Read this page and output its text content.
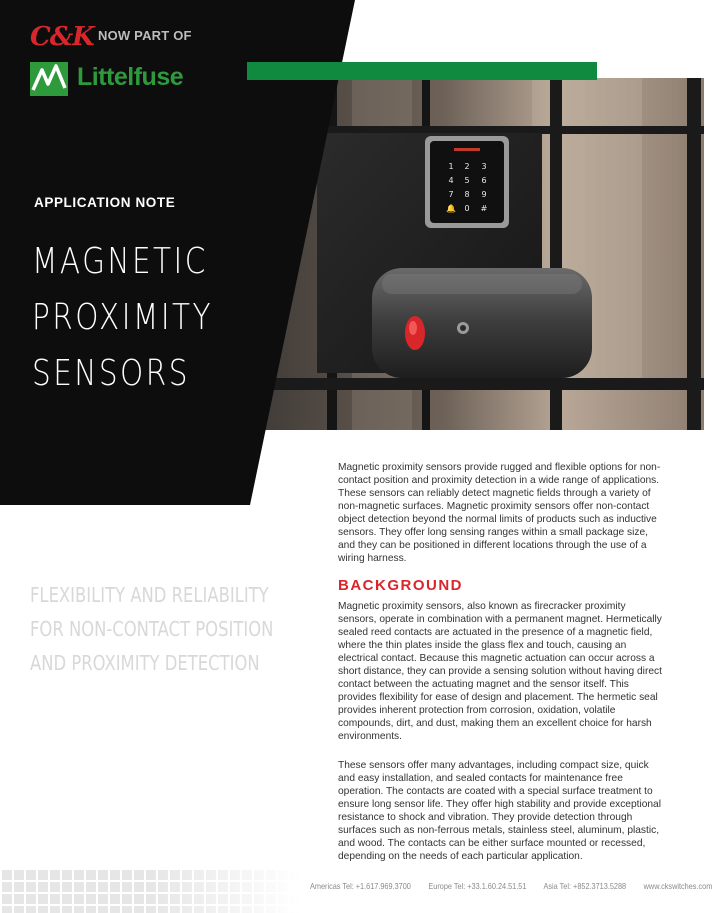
1 2 3
4 5 6
7 8 9
🔔 0 #
C&K NOW PART OF
Littelfuse
APPLICATION NOTE
MAGNETIC
PROXIMITY
SENSORS
FLEXIBILITY AND RELIABILITY FOR NON-CONTACT POSITION AND PROXIMITY DETECTION
Magnetic proximity sensors provide rugged and flexible options for non-contact position and proximity detection in a wide range of applications. These sensors can reliably detect magnetic fields through a variety of non-magnetic surfaces. Magnetic proximity sensors offer non-contact object detection beyond the normal limits of products such as inductive sensors. They offer long sensing ranges within a small package size, and they can be positioned in different locations through the use of a wiring harness.
BACKGROUND
Magnetic proximity sensors, also known as firecracker proximity sensors, operate in combination with a permanent magnet. Hermetically sealed reed contacts are actuated in the presence of a magnetic field, where the thin plates inside the glass flex and touch, causing an electrical contact. Because this magnetic actuation can occur across a short distance, they can provide a sensing solution without having direct contact between the actuating magnet and the sensor itself. This provides flexibility for ease of design and placement. The hermetic seal provides inherent protection from corrosion, oxidation, volatile compounds, dirt, and dust, making them an excellent choice for harsh environments.
These sensors offer many advantages, including compact size, quick and easy installation, and sealed contacts for maintenance free operation. The contacts are coated with a special surface treatment to ensure long sensor life. They offer high stability and provide exceptional resistance to shock and vibration. They provide detection through surfaces such as non-ferrous metals, stainless steel, aluminum, plastic, and wood. The contacts can be either surface mounted or recessed, depending on the needs of each particular application.
Americas Tel: +1.617.969.3700 Europe Tel: +33.1.60.24.51.51 Asia Tel: +852.3713.5288 www.ckswitches.com
